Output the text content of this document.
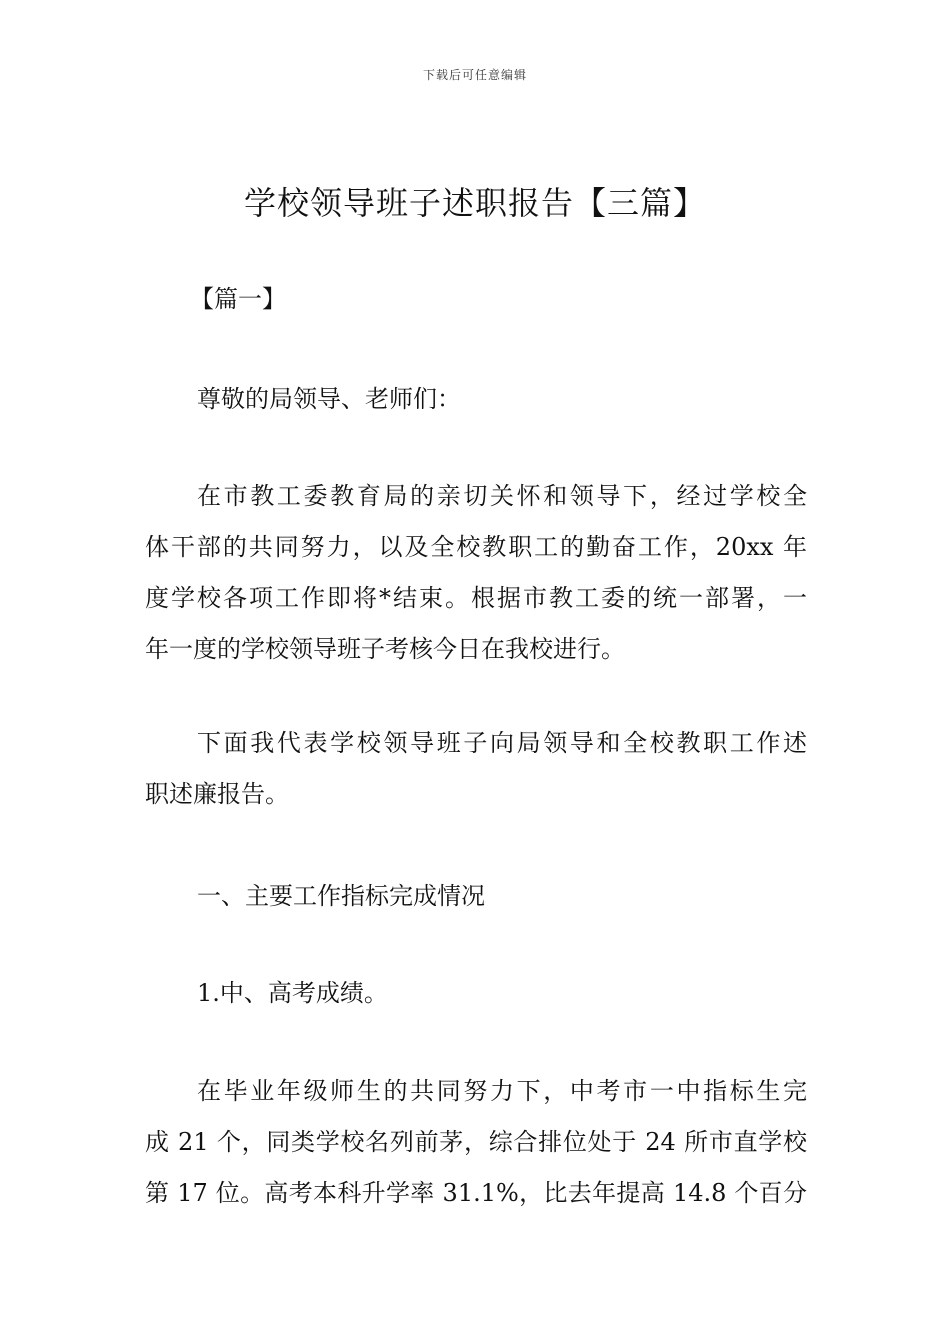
下载后可任意编辑
学校领导班子述职报告【三篇】

【篇一】

尊敬的局领导、老师们：

在市教工委教育局的亲切关怀和领导下，经过学校全
体干部的共同努力，以及全校教职工的勤奋工作，20xx 年
度学校各项工作即将*结束。根据市教工委的统一部署，一
年一度的学校领导班子考核今日在我校进行。

下面我代表学校领导班子向局领导和全校教职工作述
职述廉报告。

一、主要工作指标完成情况

1.中、高考成绩。

在毕业年级师生的共同努力下，中考市一中指标生完
成 21 个，同类学校名列前茅，综合排位处于 24 所市直学校
第 17 位。高考本科升学率 31.1%，比去年提高 14.8 个百分
